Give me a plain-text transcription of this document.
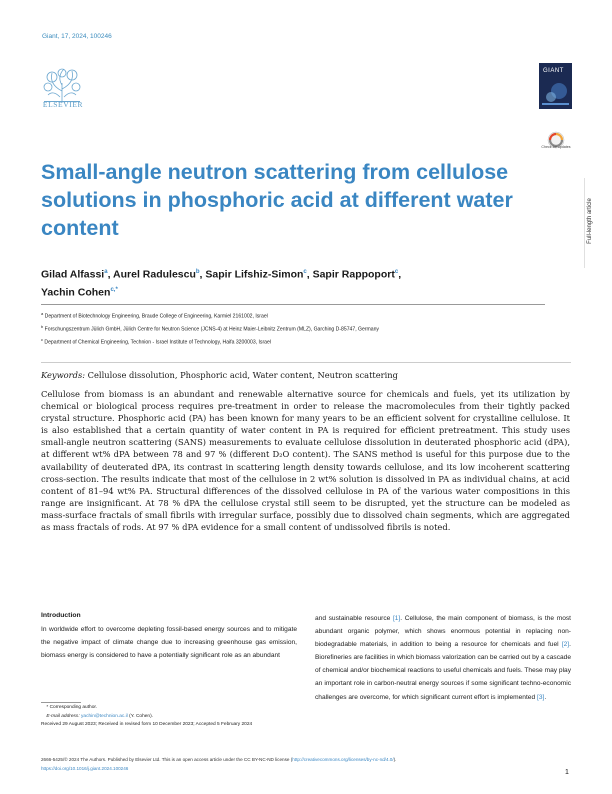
Giant, 17, 2024, 100246
ELSEVIER
GIANT
Check for updates
Full-length article
Small-angle neutron scattering from cellulose solutions in phosphoric acid at different water content
Gilad Alfassi$^a$, Aurel Radulescu$^b$, Sapir Lifshiz-Simon$^c$, Sapir Rappoport$^c$,
Yachin Cohen$^{c,*}$
$^a$ Department of Biotechnology Engineering, Braude College of Engineering, Karmiel 2161002, Israel
$^b$ Forschungszentrum Jülich GmbH, Jülich Centre for Neutron Science (JCNS-4) at Heinz Maier-Leibnitz Zentrum (MLZ), Garching D-85747, Germany
$^c$ Department of Chemical Engineering, Technion - Israel Institute of Technology, Haifa 3200003, Israel
Keywords: Cellulose dissolution, Phosphoric acid, Water content, Neutron scattering

Cellulose from biomass is an abundant and renewable alternative source for chemicals and fuels, yet its utilization by chemical or biological process requires pre-treatment in order to release the macromolecules from their tightly packed crystal structure. Phosphoric acid (PA) has been known for many years to be an efficient solvent for crystalline cellulose. It is also established that a certain quantity of water content in PA is required for efficient pretreatment. This study uses small-angle neutron scattering (SANS) measurements to evaluate cellulose dissolution in deuterated phosphoric acid (dPA), at different wt% dPA between 78 and 97 % (different D₂O content). The SANS method is useful for this purpose due to the availability of deuterated dPA, its contrast in scattering length density towards cellulose, and its low incoherent scattering cross-section. The results indicate that most of the cellulose in 2 wt% solution is dissolved in PA as individual chains, at acid content of 81–94 wt% PA. Structural differences of the dissolved cellulose in PA of the various water compositions in this range are insignificant. At 78 % dPA the cellulose crystal still seem to be disrupted, yet the structure can be modeled as mass-surface fractals of small fibrils with irregular surface, possibly due to dissolved chain segments, which are aggregated as mass fractals of rods. At 97 % dPA evidence for a small content of undissolved fibrils is noted.

Introduction

In worldwide effort to overcome depleting fossil-based energy sources and to mitigate the negative impact of climate change due to increasing greenhouse gas emission, biomass energy is considered to have a potentially significant role as an abundant

and sustainable resource [1]. Cellulose, the main component of biomass, is the most abundant organic polymer, which shows enormous potential in replacing non-biodegradable materials, in addition to being a resource for chemicals and fuel [2]. Biorefineries are facilities in which biomass valorization can be carried out by a cascade of chemical and/or biochemical reactions to useful chemicals and fuels. These may play an important role in carbon-neutral energy sources if some significant techno-economic challenges are overcome, for which significant current effort is implemented [3].

* Corresponding author.
E-mail address: yachin@technion.ac.il (Y. Cohen).
Received 29 August 2023; Received in revised form 10 December 2023; Accepted 5 February 2024
2666-5425/© 2024 The Authors. Published by Elsevier Ltd. This is an open access article under the CC BY-NC-ND license (http://creativecommons.org/licenses/by-nc-nd/4.0/).
https://doi.org/10.1016/j.giant.2024.100246
1
